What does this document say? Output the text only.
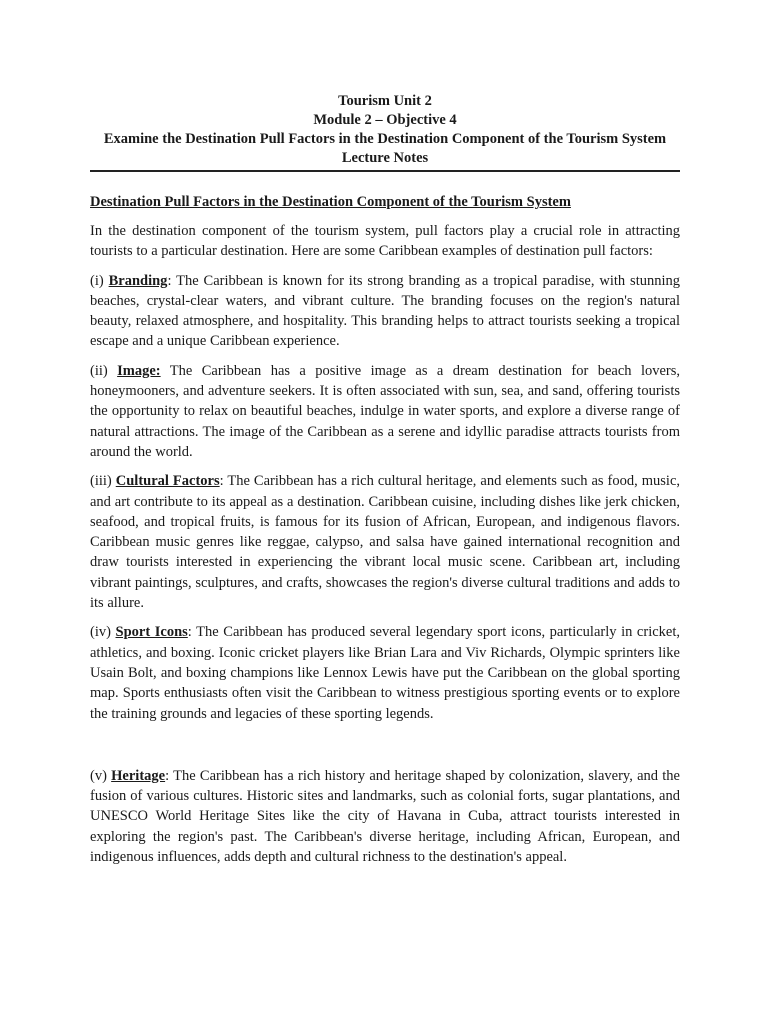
Tourism Unit 2
Module 2 – Objective 4
Examine the Destination Pull Factors in the Destination Component of the Tourism System
Lecture Notes
Destination Pull Factors in the Destination Component of the Tourism System

In the destination component of the tourism system, pull factors play a crucial role in attracting tourists to a particular destination. Here are some Caribbean examples of destination pull factors:

(i) Branding: The Caribbean is known for its strong branding as a tropical paradise, with stunning beaches, crystal-clear waters, and vibrant culture. The branding focuses on the region's natural beauty, relaxed atmosphere, and hospitality. This branding helps to attract tourists seeking a tropical escape and a unique Caribbean experience.

(ii) Image: The Caribbean has a positive image as a dream destination for beach lovers, honeymooners, and adventure seekers. It is often associated with sun, sea, and sand, offering tourists the opportunity to relax on beautiful beaches, indulge in water sports, and explore a diverse range of natural attractions. The image of the Caribbean as a serene and idyllic paradise attracts tourists from around the world.

(iii) Cultural Factors: The Caribbean has a rich cultural heritage, and elements such as food, music, and art contribute to its appeal as a destination. Caribbean cuisine, including dishes like jerk chicken, seafood, and tropical fruits, is famous for its fusion of African, European, and indigenous flavors. Caribbean music genres like reggae, calypso, and salsa have gained international recognition and draw tourists interested in experiencing the vibrant local music scene. Caribbean art, including vibrant paintings, sculptures, and crafts, showcases the region's diverse cultural traditions and adds to its allure.

(iv) Sport Icons: The Caribbean has produced several legendary sport icons, particularly in cricket, athletics, and boxing. Iconic cricket players like Brian Lara and Viv Richards, Olympic sprinters like Usain Bolt, and boxing champions like Lennox Lewis have put the Caribbean on the global sporting map. Sports enthusiasts often visit the Caribbean to witness prestigious sporting events or to explore the training grounds and legacies of these sporting legends.

(v) Heritage: The Caribbean has a rich history and heritage shaped by colonization, slavery, and the fusion of various cultures. Historic sites and landmarks, such as colonial forts, sugar plantations, and UNESCO World Heritage Sites like the city of Havana in Cuba, attract tourists interested in exploring the region's past. The Caribbean's diverse heritage, including African, European, and indigenous influences, adds depth and cultural richness to the destination's appeal.
